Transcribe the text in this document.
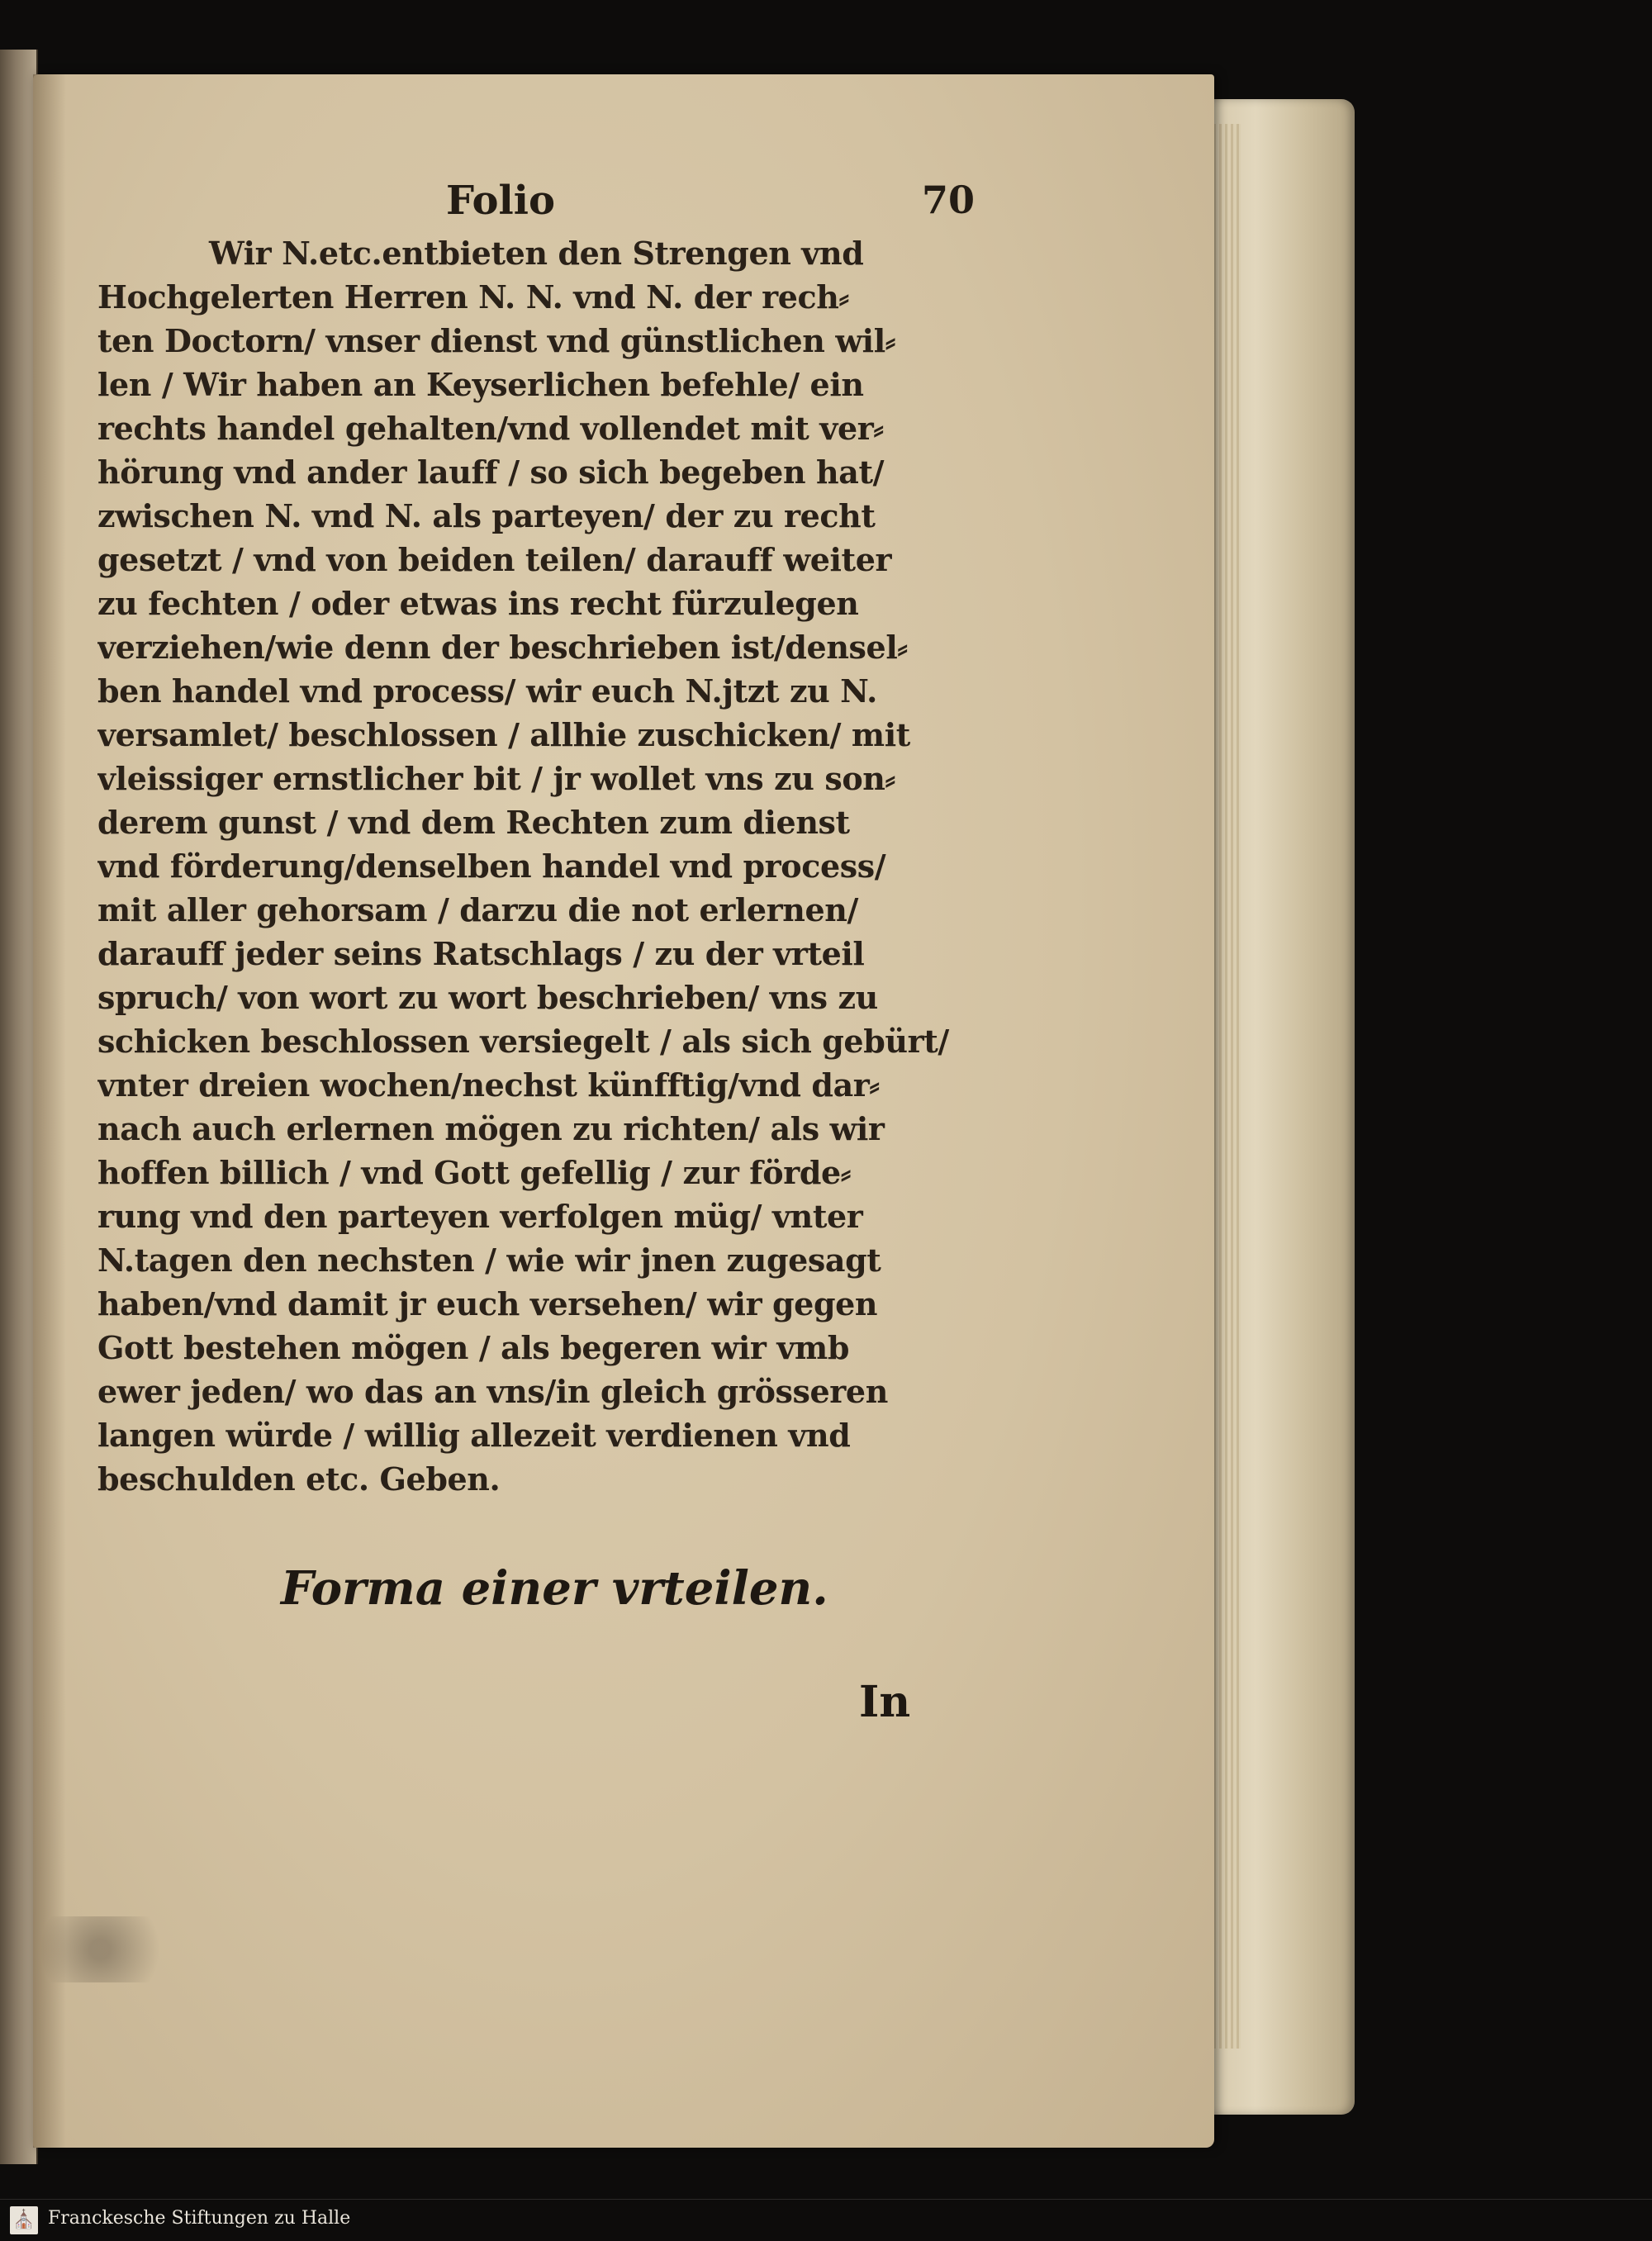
Folio	70
Wir N.etc.entbieten den Strengen vnd
Hochgelerten Herren N. N. vnd N. der rech⸗
ten Doctorn/ vnser dienst vnd günstlichen wil⸗
len / Wir haben an Keyserlichen befehle/ ein
rechts handel gehalten/vnd vollendet mit ver⸗
hörung vnd ander lauff / so sich begeben hat/
zwischen N. vnd N. als parteyen/ der zu recht
gesetzt / vnd von beiden teilen/ darauff weiter
zu fechten / oder etwas ins recht fürzulegen
verziehen/wie denn der beschrieben ist/densel⸗
ben handel vnd process/ wir euch N.jtzt zu N.
versamlet/ beschlossen / allhie zuschicken/ mit
vleissiger ernstlicher bit / jr wollet vns zu son⸗
derem gunst / vnd dem Rechten zum dienst
vnd förderung/denselben handel vnd process/
mit aller gehorsam / darzu die not erlernen/
darauff jeder seins Ratschlags / zu der vrteil
spruch/ von wort zu wort beschrieben/ vns zu
schicken beschlossen versiegelt / als sich gebürt/
vnter dreien wochen/nechst künfftig/vnd dar⸗
nach auch erlernen mögen zu richten/ als wir
hoffen billich / vnd Gott gefellig / zur förde⸗
rung vnd den parteyen verfolgen müg/ vnter
N.tagen den nechsten / wie wir jnen zugesagt
haben/vnd damit jr euch versehen/ wir gegen
Gott bestehen mögen / als begeren wir vmb
ewer jeden/ wo das an vns/in gleich grösseren
langen würde / willig allezeit verdienen vnd
beschulden etc. Geben.
Forma einer vrteilen.
In
⛪ Franckesche Stiftungen zu Halle
